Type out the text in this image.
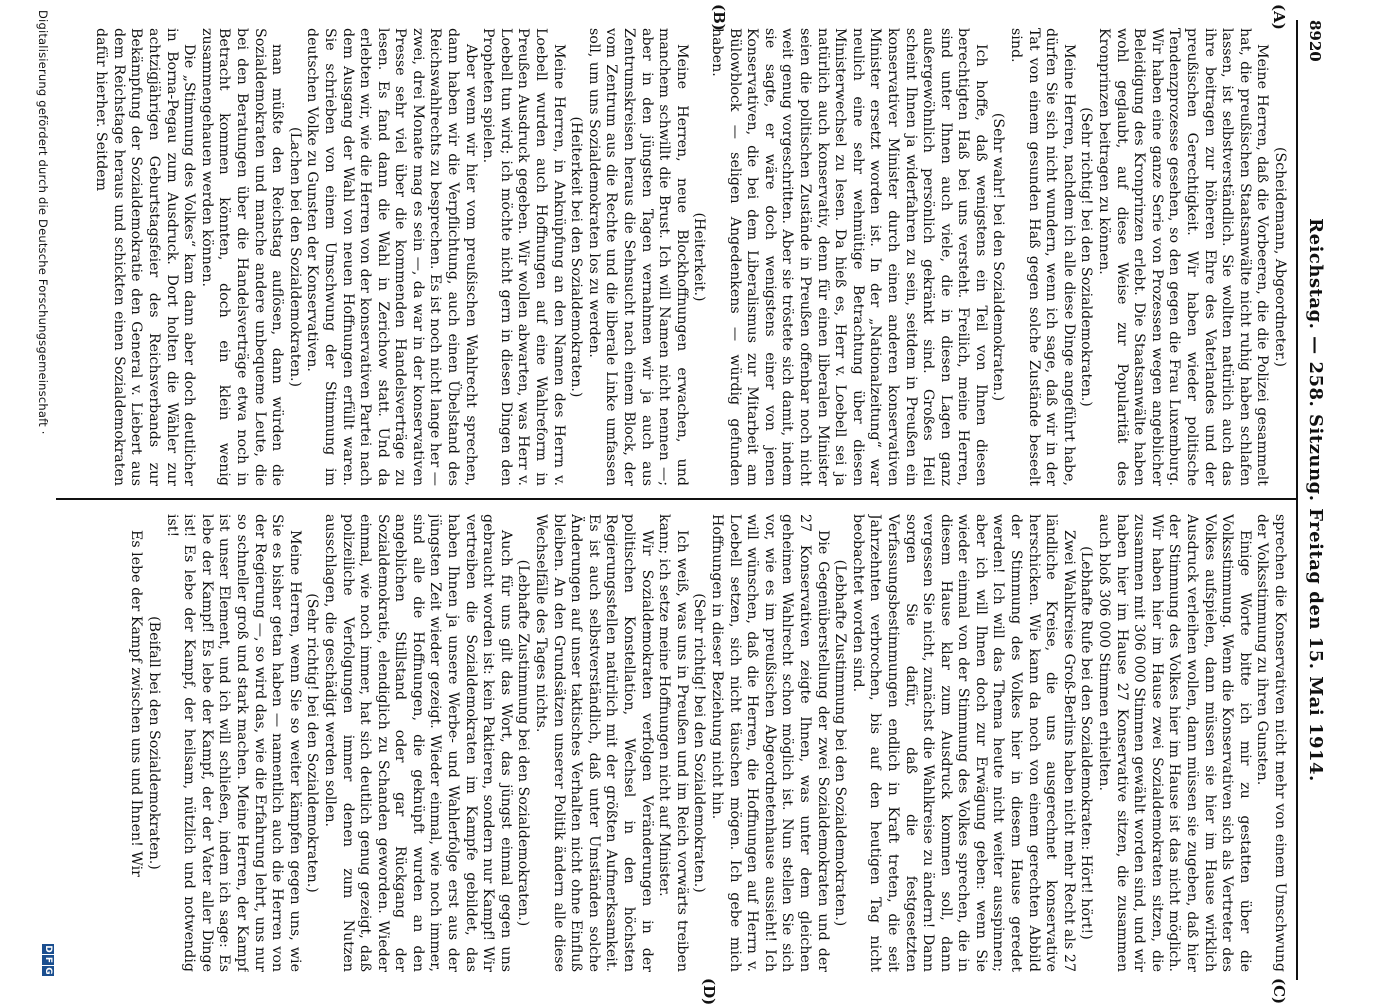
8920
Reichstag. — 258. Sitzung. Freitag den 15. Mai 1914.
(A)
(B)
(C)
(D)

(Scheidemann, Abgeordneter.)

Meine Herren, daß die Vorbeeren, die die Polizei gesammelt hat, die preußischen Staatsanwälte nicht ruhig haben schlafen lassen, ist selbstverständlich. Sie wollten natürlich auch das ihre beitragen zur höheren Ehre des Vaterlandes und der preußischen Gerechtigkeit. Wir haben wieder politische Tendenzprozesse gesehen, so den gegen die Frau Luxemburg. Wir haben eine ganze Serie von Prozessen wegen angeblicher Beleidigung des Kronprinzen erlebt. Die Staatsanwälte haben wohl geglaubt, auf diese Weise zur Popularität des Kronprinzen beitragen zu können.

(Sehr richtig! bei den Sozialdemokraten.)

Meine Herren, nachdem ich alle diese Dinge angeführt habe, dürfen Sie sich nicht wundern, wenn ich sage, daß wir in der Tat von einem gesunden Haß gegen solche Zustände beseelt sind.

(Sehr wahr! bei den Sozialdemokraten.)

Ich hoffe, daß wenigstens ein Teil von Ihnen diesen berechtigten Haß bei uns versteht. Freilich, meine Herren, sind unter Ihnen auch viele, die in diesen Lagen ganz außergewöhnlich persönlich gekränkt sind. Großes Heil scheint Ihnen ja widerfahren zu sein, seitdem in Preußen ein konservativer Minister durch einen anderen konservativen Minister ersetzt worden ist. In der „Nationalzeitung“ war neulich eine sehr wehmütige Betrachtung über diesen Ministerwechsel zu lesen. Da hieß es, Herr v. Loebell sei ja natürlich auch konservativ, denn für einen liberalen Minister seien die politischen Zustände in Preußen offenbar noch nicht weit genug vorgeschritten. Aber sie tröstete sich damit, indem sie sagte, er wäre doch wenigstens einer von jenen Konservativen, die bei dem Liberalismus zur Mitarbeit am Bülowblock — seligen Angedenkens — würdig gefunden haben.

(Heiterkeit.)

Meine Herren, neue Blockhoffnungen erwachen, und manchem schwillt die Brust. Ich will Namen nicht nennen —; aber in den jüngsten Tagen vernahmen wir ja auch aus Zentrumskreisen heraus die Sehnsucht nach einem Block, der vom Zentrum aus die Rechte und die liberale Linke umfassen soll, um uns Sozialdemokraten los zu werden.

(Heiterkeit bei den Sozialdemokraten.)

Meine Herren, in Anknüpfung an den Namen des Herrn v. Loebell wurden auch Hoffnungen auf eine Wahlreform in Preußen Ausdruck gegeben. Wir wollen abwarten, was Herr v. Loebell tun wird; ich möchte nicht gern in diesen Dingen den Propheten spielen.

Aber wenn wir hier vom preußischen Wahlrecht sprechen, dann haben wir die Verpflichtung, auch einen Übelstand des Reichswahlrechts zu besprechen. Es ist noch nicht lange her — zwei, drei Monate mag es sein —, da war in der konservativen Presse sehr viel über die kommenden Handelsverträge zu lesen. Es fand dann die Wahl in Zerichow statt. Und da erlebten wir, wie die Herren von der konservativen Partei nach dem Ausgang der Wahl von neuen Hoffnungen erfüllt waren. Sie schrieben von einem Umschwung der Stimmung im deutschen Volke zu Gunsten der Konservativen.

(Lachen bei den Sozialdemokraten.)

man müßte den Reichstag auflösen, dann würden die Sozialdemokraten und manche andere unbequeme Leute, die bei den Beratungen über die Handelsverträge etwa noch in Betracht kommen könnten, doch ein klein wenig zusammengehauen werden können.

Die „Stimmung des Volkes“ kam dann aber doch deutlicher in Borna-Pegau zum Ausdruck. Dort holten die Wähler zur achtzigjährigen Geburtstagsfeier des Reichsverbands zur Bekämpfung der Sozialdemokratie den General v. Liebert aus dem Reichstage heraus und schickten einen Sozialdemokraten dafür hierher. Seitdem

sprechen die Konservativen nicht mehr von einem Umschwung der Volksstimmung zu ihren Gunsten.

Einige Worte bitte ich mir zu gestatten über die Volksstimmung. Wenn die Konservativen sich als Vertreter des Volkes aufspielen, dann müssen sie hier im Hause wirklich Ausdruck verleihen wollen, dann müssen sie zugeben, daß hier der Stimmung des Volkes hier im Hause ist das nicht möglich. Wir haben hier im Hause zwei Sozialdemokraten sitzen, die zusammen mit 306 000 Stimmen gewählt worden sind, und wir haben hier im Hause 27 Konservative sitzen, die zusammen auch bloß 306 000 Stimmen erhielten.

(Lebhafte Rufe bei den Sozialdemokraten: Hört! hört!)

Zwei Wahlkreise Groß-Berlins haben nicht mehr Recht als 27 ländliche Kreise, die uns ausgerechnet konservative herschicken. Wie kann da noch von einem gerechten Abbild der Stimmung des Volkes hier in diesem Hause geredet werden! Ich will das Thema heute nicht weiter ausspinnen; aber ich will Ihnen doch zur Erwägung geben: wenn Sie wieder einmal von der Stimmung des Volkes sprechen, die in diesem Hause klar zum Ausdruck kommen soll, dann vergessen Sie nicht, zunächst die Wahlkreise zu ändern! Dann sorgen Sie dafür, daß die festgesetzten Verfassungsbestimmungen endlich in Kraft treten, die seit Jahrzehnten verbrochen, bis auf den heutigen Tag nicht beobachtet worden sind.

(Lebhafte Zustimmung bei den Sozialdemokraten.)

Die Gegenüberstellung der zwei Sozialdemokraten und der 27 Konservativen zeigte Ihnen, was unter dem gleichen geheimen Wahlrecht schon möglich ist. Nun stellen Sie sich vor, wie es im preußischen Abgeordnetenhause aussieht! Ich will wünschen, daß die Herren, die Hoffnungen auf Herrn v. Loebell setzen, sich nicht täuschen mögen. Ich gebe mich Hoffnungen in dieser Beziehung nicht hin.

(Sehr richtig! bei den Sozialdemokraten.)

Ich weiß, was uns in Preußen und im Reich vorwärts treiben kann; ich setze meine Hoffnungen nicht auf Minister.

Wir Sozialdemokraten verfolgen Veränderungen in der politischen Konstellation, Wechsel in den höchsten Regierungsstellen natürlich mit der größten Aufmerksamkeit. Es ist auch selbstverständlich, daß unter Umständen solche Änderungen auf unser taktisches Verhalten nicht ohne Einfluß bleiben. An den Grundsätzen unserer Politik ändern alle diese Wechselfälle des Tages nichts.

(Lebhafte Zustimmung bei den Sozialdemokraten.)

Auch für uns gilt das Wort, das jüngst einmal gegen uns gebraucht worden ist: kein Paktieren, sondern nur Kampf! Wir vertreiben die Sozialdemokraten im Kampfe gebildet, das haben Ihnen ja unsere Werbe- und Wahlerfolge erst aus der jüngsten Zeit wieder gezeigt. Wieder einmal, wie noch immer, sind alle die Hoffnungen, die geknüpft wurden an den angeblichen Stillstand oder gar Rückgang der Sozialdemokratie, elendiglich zu Schanden geworden. Wieder einmal, wie noch immer, hat sich deutlich genug gezeigt, daß polizeiliche Verfolgungen immer denen zum Nutzen ausschlagen, die geschädigt werden sollen.

(Sehr richtig! bei den Sozialdemokraten.)

Meine Herren, wenn Sie so weiter kämpfen gegen uns, wie Sie es bisher getan haben — namentlich auch die Herren von der Regierung —, so wird das, wie die Erfahrung lehrt, uns nur so schneller groß und stark machen. Meine Herren, der Kampf ist unser Element, und ich will schließen, indem ich sage: Es lebe der Kampf! Es lebe der Kampf, der der Vater aller Dinge ist! Es lebe der Kampf, der heilsam, nützlich und notwendig ist!

(Beifall bei den Sozialdemokraten.)

Es lebe der Kampf zwischen uns und Ihnen! Wir

Digitalisierung gefördert durch die Deutsche Forschungsgemeinschaft ·
D
F
G
